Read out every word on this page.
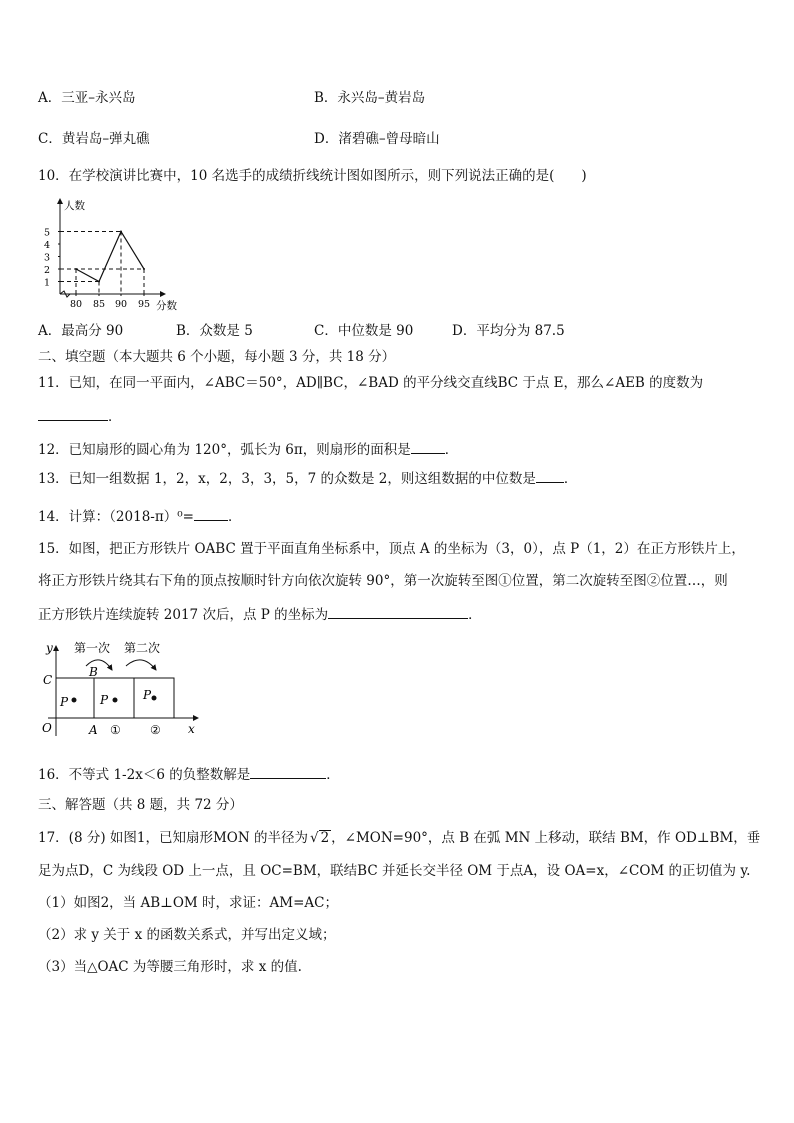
A．三亚–永兴岛	B．永兴岛–黄岩岛
C．黄岩岛–弹丸礁	D．渚碧礁–曾母暗山
10．在学校演讲比赛中，10 名选手的成绩折线统计图如图所示，则下列说法正确的是(　　)
1
2
3
4
5
80 85 90 95
人数
分数
A．最高分 90	B．众数是 5	C．中位数是 90	D．平均分为 87.5
二、填空题（本大题共 6 个小题，每小题 3 分，共 18 分）
11．已知，在同一平面内，∠ABC＝50°，AD∥BC，∠BAD 的平分线交直线BC 于点 E，那么∠AEB 的度数为
．
12．已知扇形的圆心角为 120°，弧长为 6π，则扇形的面积是	．
13．已知一组数据 1，2，x，2，3，3，5，7 的众数是 2，则这组数据的中位数是 ．
14．计算：（2018-π）⁰=	．
15．如图，把正方形铁片 OABC 置于平面直角坐标系中，顶点 A 的坐标为（3，0），点 P（1，2）在正方形铁片上，
将正方形铁片绕其右下角的顶点按顺时针方向依次旋转 90°，第一次旋转至图①位置，第二次旋转至图②位置…，则
正方形铁片连续旋转 2017 次后，点 P 的坐标为	．
y
x
O
C
A
B
P	P	P
第一次 第二次
① ②
16．不等式 1-2x＜6 的负整数解是	．
三、解答题（共 8 题，共 72 分）
17．(8 分) 如图1，已知扇形MON 的半径为 √ 2 ，∠MON=90°，点 B 在弧 MN 上移动，联结 BM，作 OD⊥BM，垂
足为点D，C 为线段 OD 上一点，且 OC=BM，联结BC 并延长交半径 OM 于点A，设 OA=x，∠COM 的正切值为 y.
（1）如图2，当 AB⊥OM 时，求证：AM=AC；
（2）求 y 关于 x 的函数关系式，并写出定义域；
（3）当△OAC 为等腰三角形时，求 x 的值.
